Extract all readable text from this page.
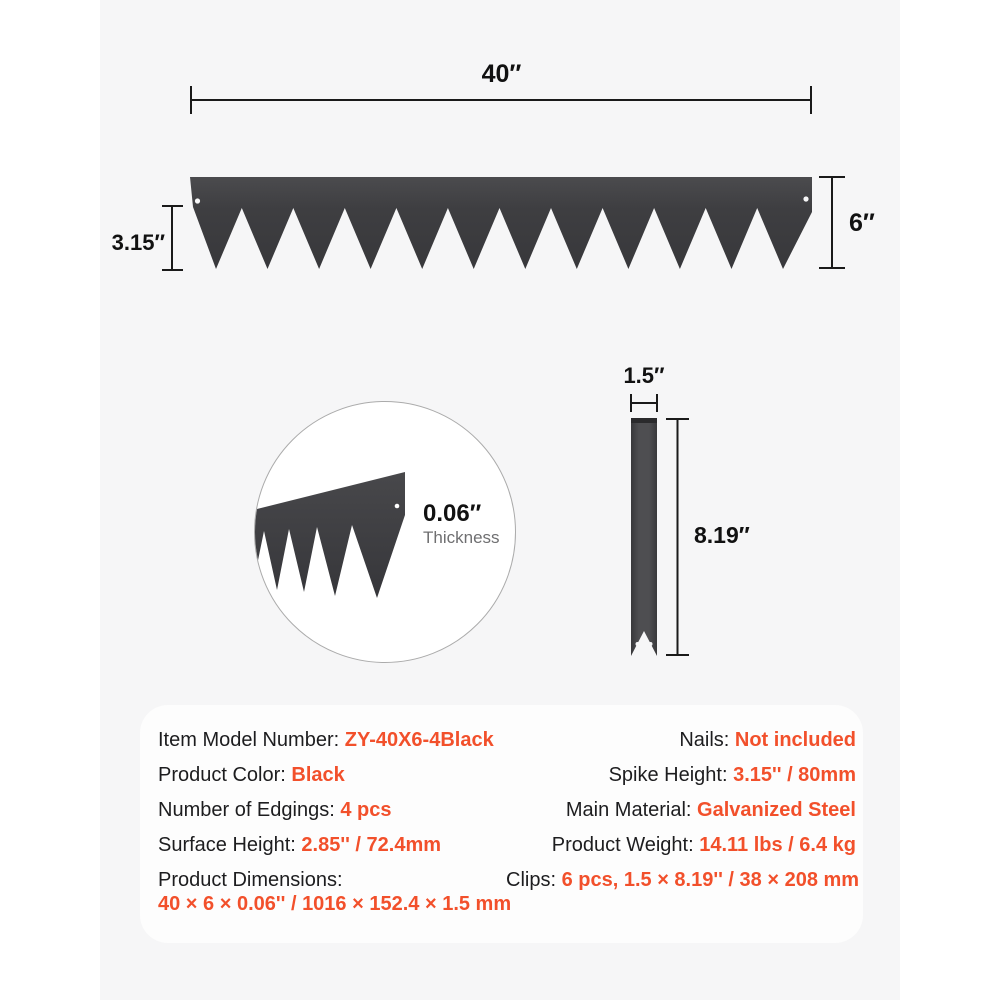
40″
3.15″
6″
0.06″
Thickness
1.5″
8.19″
Item Model Number: ZY-40X6-4Black
Product Color: Black
Number of Edgings: 4 pcs
Surface Height: 2.85'' / 72.4mm
Product Dimensions:
40 × 6 × 0.06'' / 1016 × 152.4 × 1.5 mm
Nails: Not included
Spike Height: 3.15'' / 80mm
Main Material: Galvanized Steel
Product Weight: 14.11 lbs / 6.4 kg
Clips: 6 pcs, 1.5 × 8.19'' / 38 × 208 mm
